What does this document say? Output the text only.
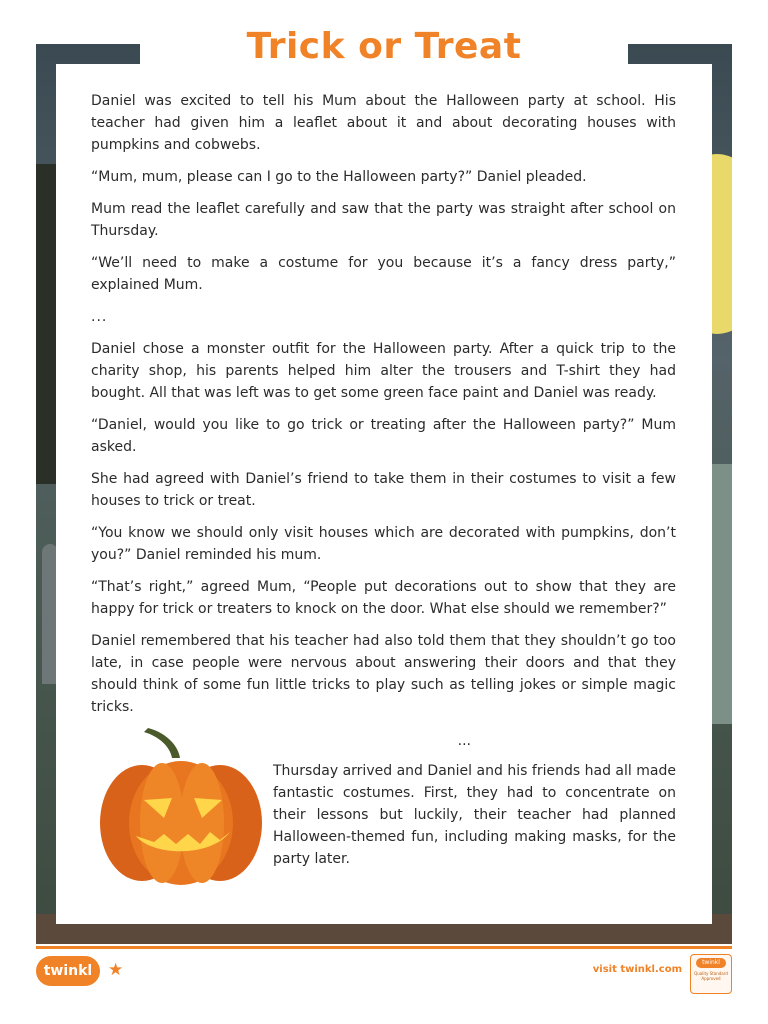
Trick or Treat

Daniel was excited to tell his Mum about the Halloween party at school. His teacher had given him a leaflet about it and about decorating houses with pumpkins and cobwebs.

“Mum, mum, please can I go to the Halloween party?” Daniel pleaded.

Mum read the leaflet carefully and saw that the party was straight after school on Thursday.

“We’ll need to make a costume for you because it’s a fancy dress party,” explained Mum.

...

Daniel chose a monster outfit for the Halloween party. After a quick trip to the charity shop, his parents helped him alter the trousers and T-shirt they had bought. All that was left was to get some green face paint and Daniel was ready.

“Daniel, would you like to go trick or treating after the Halloween party?” Mum asked.

She had agreed with Daniel’s friend to take them in their costumes to visit a few houses to trick or treat.

“You know we should only visit houses which are decorated with pumpkins, don’t you?” Daniel reminded his mum.

“That’s right,” agreed Mum, “People put decorations out to show that they are happy for trick or treaters to knock on the door. What else should we remember?”

Daniel remembered that his teacher had also told them that they shouldn’t go too late, in case people were nervous about answering their doors and that they should think of some fun little tricks to play such as telling jokes or simple magic tricks.

...

Thursday arrived and Daniel and his friends had all made fantastic costumes. First, they had to concentrate on their lessons but luckily, their teacher had planned Halloween-themed fun, including making masks, for the party later.

twinkl ★	visit twinkl.com
twinkl
Quality Standard Approved
